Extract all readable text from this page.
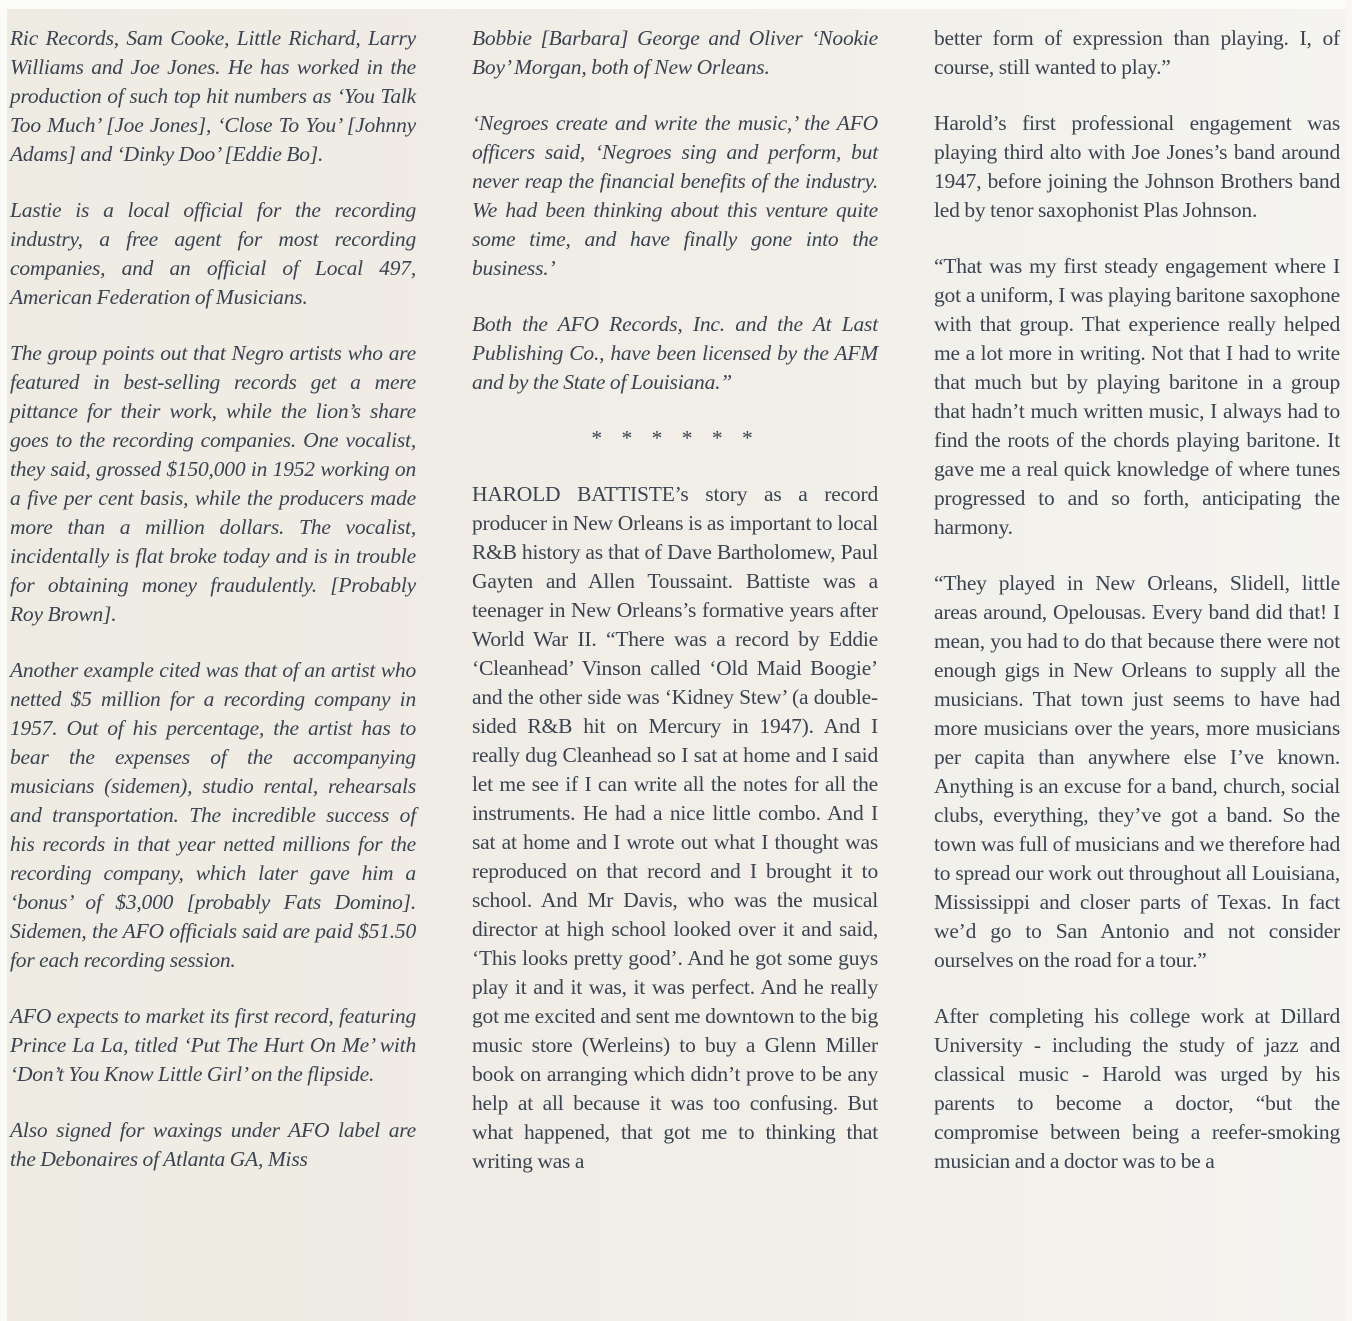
Ric Records, Sam Cooke, Little Richard, Larry Williams and Joe Jones. He has worked in the production of such top hit numbers as ‘You Talk Too Much’ [Joe Jones], ‘Close To You’ [Johnny Adams] and ‘Dinky Doo’ [Eddie Bo].

Lastie is a local official for the recording industry, a free agent for most recording companies, and an official of Local 497, American Federation of Musicians.

The group points out that Negro artists who are featured in best-selling records get a mere pittance for their work, while the lion’s share goes to the recording companies. One vocalist, they said, grossed $150,000 in 1952 working on a five per cent basis, while the producers made more than a million dollars. The vocalist, incidentally is flat broke today and is in trouble for obtaining money fraudulently. [Probably Roy Brown].

Another example cited was that of an artist who netted $5 million for a recording company in 1957. Out of his percentage, the artist has to bear the expenses of the accompanying musicians (sidemen), studio rental, rehearsals and transportation. The incredible success of his records in that year netted millions for the recording company, which later gave him a ‘bonus’ of $3,000 [probably Fats Domino]. Sidemen, the AFO officials said are paid $51.50 for each recording session.

AFO expects to market its first record, featuring Prince La La, titled ‘Put The Hurt On Me’ with ‘Don’t You Know Little Girl’ on the flipside.

Also signed for waxings under AFO label are the Debonaires of Atlanta GA, Miss

Bobbie [Barbara] George and Oliver ‘Nookie Boy’ Morgan, both of New Orleans.

‘Negroes create and write the music,’ the AFO officers said, ‘Negroes sing and perform, but never reap the financial benefits of the industry. We had been thinking about this venture quite some time, and have finally gone into the business.’

Both the AFO Records, Inc. and the At Last Publishing Co., have been licensed by the AFM and by the State of Louisiana.”

* * * * * *

HAROLD BATTISTE’s story as a record producer in New Orleans is as important to local R&B history as that of Dave Bartholomew, Paul Gayten and Allen Toussaint. Battiste was a teenager in New Orleans’s formative years after World War II. “There was a record by Eddie ‘Cleanhead’ Vinson called ‘Old Maid Boogie’ and the other side was ‘Kidney Stew’ (a double-sided R&B hit on Mercury in 1947). And I really dug Cleanhead so I sat at home and I said let me see if I can write all the notes for all the instruments. He had a nice little combo. And I sat at home and I wrote out what I thought was reproduced on that record and I brought it to school. And Mr Davis, who was the musical director at high school looked over it and said, ‘This looks pretty good’. And he got some guys play it and it was, it was perfect. And he really got me excited and sent me downtown to the big music store (Werleins) to buy a Glenn Miller book on arranging which didn’t prove to be any help at all because it was too confusing. But what happened, that got me to thinking that writing was a

better form of expression than playing. I, of course, still wanted to play.”

Harold’s first professional engagement was playing third alto with Joe Jones’s band around 1947, before joining the Johnson Brothers band led by tenor saxophonist Plas Johnson.

“That was my first steady engagement where I got a uniform, I was playing baritone saxophone with that group. That experience really helped me a lot more in writing. Not that I had to write that much but by playing baritone in a group that hadn’t much written music, I always had to find the roots of the chords playing baritone. It gave me a real quick knowledge of where tunes progressed to and so forth, anticipating the harmony.

“They played in New Orleans, Slidell, little areas around, Opelousas. Every band did that! I mean, you had to do that because there were not enough gigs in New Orleans to supply all the musicians. That town just seems to have had more musicians over the years, more musicians per capita than anywhere else I’ve known. Anything is an excuse for a band, church, social clubs, everything, they’ve got a band. So the town was full of musicians and we therefore had to spread our work out throughout all Louisiana, Mississippi and closer parts of Texas. In fact we’d go to San Antonio and not consider ourselves on the road for a tour.”

After completing his college work at Dillard University - including the study of jazz and classical music - Harold was urged by his parents to become a doctor, “but the compromise between being a reefer-smoking musician and a doctor was to be a
